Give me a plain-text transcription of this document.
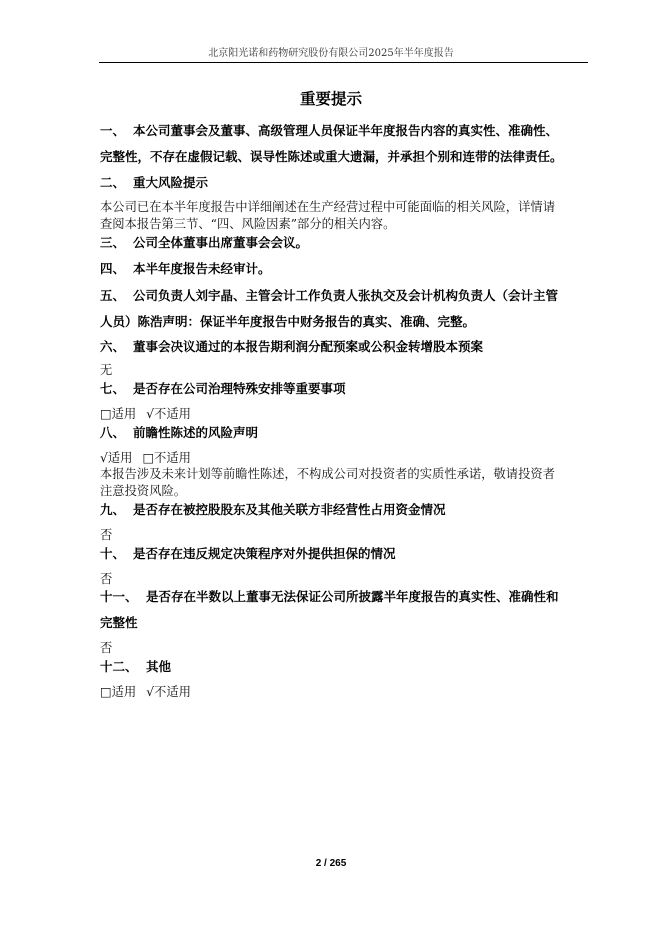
北京阳光诺和药物研究股份有限公司2025年半年度报告
重要提示
一、 本公司董事会及董事、高级管理人员保证半年度报告内容的真实性、准确性、
完整性，不存在虚假记载、误导性陈述或重大遗漏，并承担个别和连带的法律责任。
二、 重大风险提示
本公司已在本半年度报告中详细阐述在生产经营过程中可能面临的相关风险，详情请
查阅本报告第三节、“四、风险因素”部分的相关内容。
三、 公司全体董事出席董事会会议。
四、 本半年度报告未经审计。
五、 公司负责人刘宇晶、主管会计工作负责人张执交及会计机构负责人（会计主管
人员）陈浩声明：保证半年度报告中财务报告的真实、准确、完整。
六、 董事会决议通过的本报告期利润分配预案或公积金转增股本预案
无
七、 是否存在公司治理特殊安排等重要事项
□适用 √不适用
八、 前瞻性陈述的风险声明
√适用 □不适用
本报告涉及未来计划等前瞻性陈述，不构成公司对投资者的实质性承诺，敬请投资者
注意投资风险。
九、 是否存在被控股股东及其他关联方非经营性占用资金情况
否
十、 是否存在违反规定决策程序对外提供担保的情况
否
十一、 是否存在半数以上董事无法保证公司所披露半年度报告的真实性、准确性和
完整性
否
十二、 其他
□适用 √不适用
2 / 265
